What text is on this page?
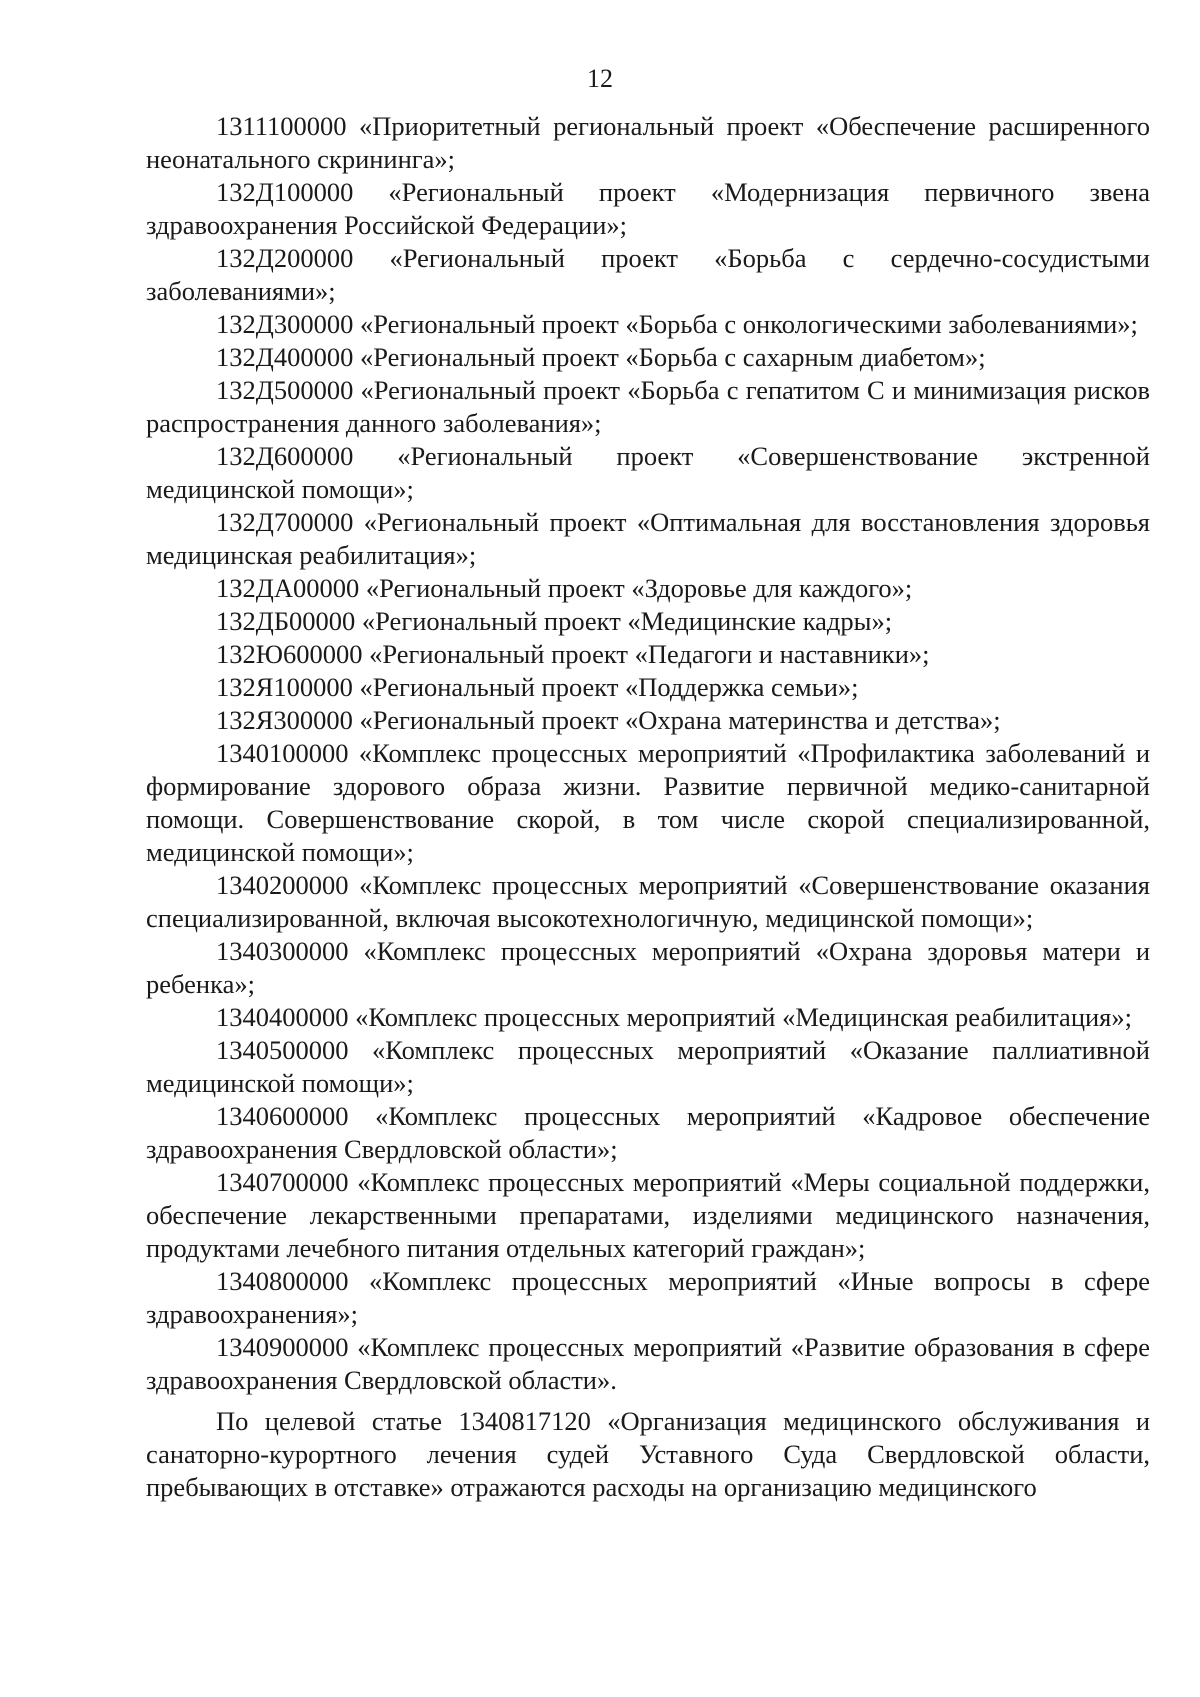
12

1311100000 «Приоритетный региональный проект «Обеспечение расширенного неонатального скрининга»;

132Д100000 «Региональный проект «Модернизация первичного звена здравоохранения Российской Федерации»;

132Д200000 «Региональный проект «Борьба с сердечно-сосудистыми заболеваниями»;

132Д300000 «Региональный проект «Борьба с онкологическими заболеваниями»;

132Д400000 «Региональный проект «Борьба с сахарным диабетом»;

132Д500000 «Региональный проект «Борьба с гепатитом С и минимизация рисков распространения данного заболевания»;

132Д600000 «Региональный проект «Совершенствование экстренной медицинской помощи»;

132Д700000 «Региональный проект «Оптимальная для восстановления здоровья медицинская реабилитация»;

132ДА00000 «Региональный проект «Здоровье для каждого»;

132ДБ00000 «Региональный проект «Медицинские кадры»;

132Ю600000 «Региональный проект «Педагоги и наставники»;

132Я100000 «Региональный проект «Поддержка семьи»;

132Я300000 «Региональный проект «Охрана материнства и детства»;

1340100000 «Комплекс процессных мероприятий «Профилактика заболеваний и формирование здорового образа жизни. Развитие первичной медико-санитарной помощи. Совершенствование скорой, в том числе скорой специализированной, медицинской помощи»;

1340200000 «Комплекс процессных мероприятий «Совершенствование оказания специализированной, включая высокотехнологичную, медицинской помощи»;

1340300000 «Комплекс процессных мероприятий «Охрана здоровья матери и ребенка»;

1340400000 «Комплекс процессных мероприятий «Медицинская реабилитация»;

1340500000 «Комплекс процессных мероприятий «Оказание паллиативной медицинской помощи»;

1340600000 «Комплекс процессных мероприятий «Кадровое обеспечение здравоохранения Свердловской области»;

1340700000 «Комплекс процессных мероприятий «Меры социальной поддержки, обеспечение лекарственными препаратами, изделиями медицинского назначения, продуктами лечебного питания отдельных категорий граждан»;

1340800000 «Комплекс процессных мероприятий «Иные вопросы в сфере здравоохранения»;

1340900000 «Комплекс процессных мероприятий «Развитие образования в сфере здравоохранения Свердловской области».

По целевой статье 1340817120 «Организация медицинского обслуживания и санаторно-курортного лечения судей Уставного Суда Свердловской области, пребывающих в отставке» отражаются расходы на организацию медицинского
